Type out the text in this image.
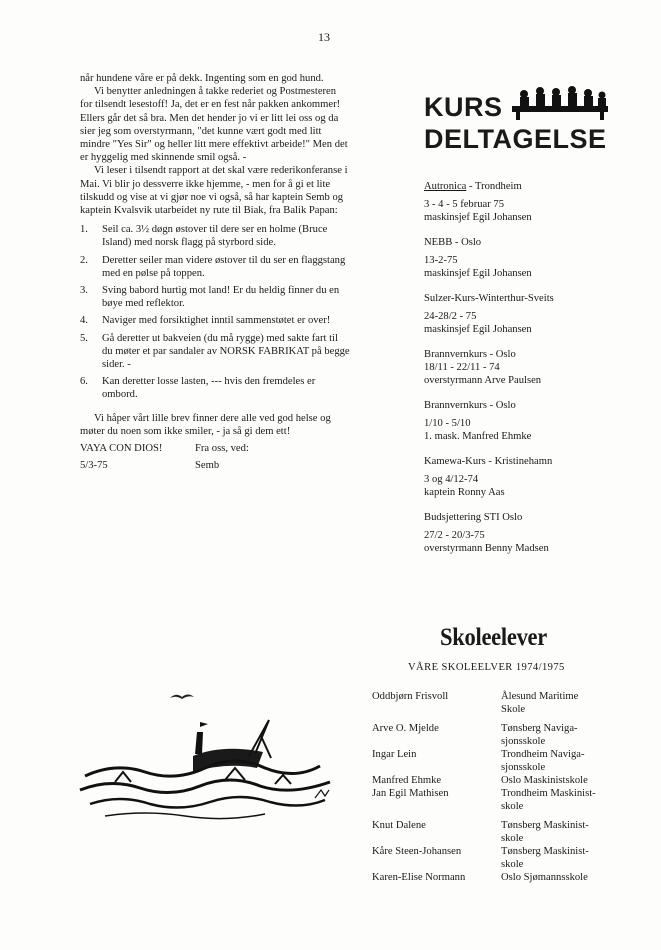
13

når hundene våre er på dekk. Ingenting som en god hund.

Vi benytter anledningen å takke rederiet og Postmesteren for tilsendt lesestoff! Ja, det er en fest når pakken ankommer! Ellers går det så bra. Men det hender jo vi er litt lei oss og da sier jeg som overstyrmann, "det kunne vært godt med litt mindre "Yes Sir" og heller litt mere effektivt arbeide!" Men det er hyggelig med skinnende smil også. -

Vi leser i tilsendt rapport at det skal være rederikonferanse i Mai. Vi blir jo dessverre ikke hjemme, - men for å gi et lite tilskudd og vise at vi gjør noe vi også, så har kaptein Semb og kaptein Kvalsvik utarbeidet ny rute til Biak, fra Balik Papan:

1.	Seil ca. 3½ døgn østover til dere ser en holme (Bruce Island) med norsk flagg på styrbord side.
2.	Deretter seiler man videre østover til du ser en flaggstang med en pølse på toppen.
3.	Sving babord hurtig mot land! Er du heldig finner du en bøye med reflektor.
4.	Naviger med forsiktighet inntil sammenstøtet er over!
5.	Gå deretter ut bakveien (du må rygge) med sakte fart til du møter et par sandaler av NORSK FABRIKAT på begge sider. -
6.	Kan deretter losse lasten, --- hvis den fremdeles er ombord.

Vi håper vårt lille brev finner dere alle ved god helse og møter du noen som ikke smiler, - ja så gi dem ett!

VAYA CON DIOS!	Fra oss, ved:
5/3-75	Semb
KURS
DELTAGELSE
Autronica - Trondheim
3 - 4 - 5 februar 75
maskinsjef Egil Johansen
NEBB - Oslo
13-2-75
maskinsjef Egil Johansen
Sulzer-Kurs-Winterthur-Sveits
24-28/2 - 75
maskinsjef Egil Johansen
Brannvernkurs - Oslo
18/11 - 22/11 - 74
overstyrmann Arve Paulsen
Brannvernkurs - Oslo
1/10 - 5/10
1. mask. Manfred Ehmke
Kamewa-Kurs - Kristinehamn
3 og 4/12-74
kaptein Ronny Aas
Budsjettering STI Oslo
27/2 - 20/3-75
overstyrmann Benny Madsen
Skoleelever
VÅRE SKOLEELVER 1974/1975
Oddbjørn Frisvoll	Ålesund Maritime
Skole

Arve O. Mjelde	Tønsberg Naviga-
sjonsskole

Ingar Lein	Trondheim Naviga-
sjonsskole

Manfred Ehmke	Oslo Maskinistskole

Jan Egil Mathisen	Trondheim Maskinist-
skole

Knut Dalene	Tønsberg Maskinist-
skole

Kåre Steen-Johansen	Tønsberg Maskinist-
skole

Karen-Elise Normann	Oslo Sjømannsskole
